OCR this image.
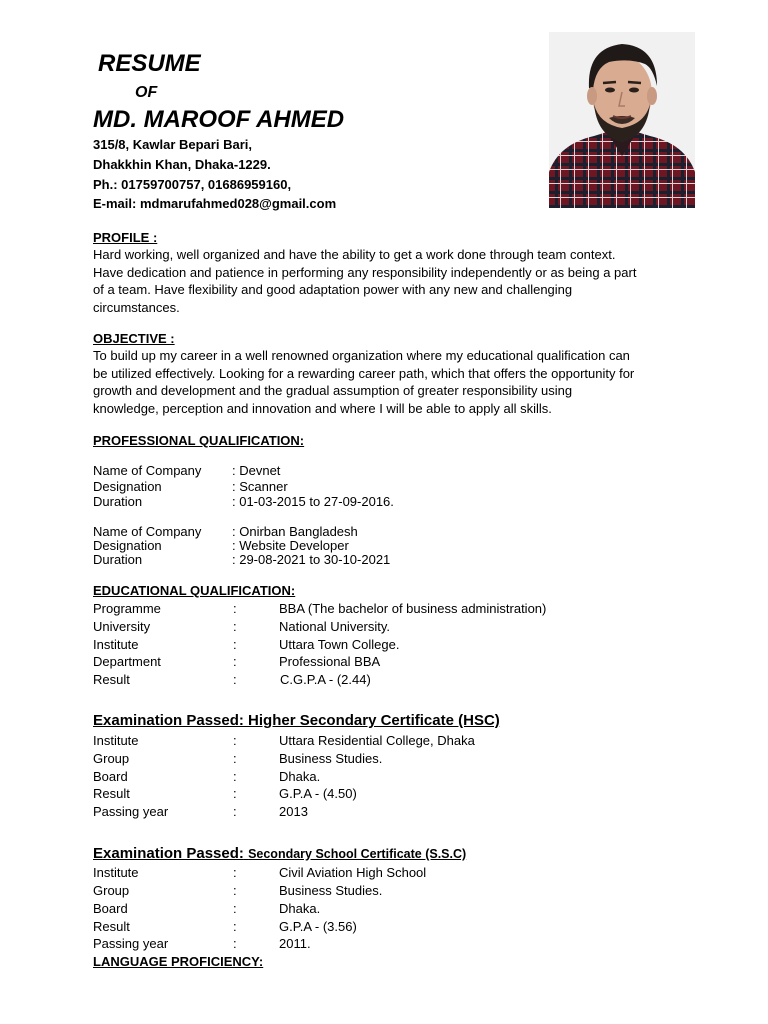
RESUME
OF
MD. MAROOF AHMED
315/8, Kawlar Bepari Bari,
Dhakkhin Khan, Dhaka-1229.
Ph.: 01759700757, 01686959160,
E-mail: mdmarufahmed028@gmail.com
PROFILE :
Hard working, well organized and have the ability to get a work done through team context.
Have dedication and patience in performing any responsibility independently or as being a part
of a team. Have flexibility and good adaptation power with any new and challenging
circumstances.
OBJECTIVE :
To build up my career in a well renowned organization where my educational qualification can
be utilized effectively. Looking for a rewarding career path, which that offers the opportunity for
growth and development and the gradual assumption of greater responsibility using
knowledge, perception and innovation and where I will be able to apply all skills.
PROFESSIONAL QUALIFICATION:
Name of Company : Devnet
Designation	: Scanner
Duration	: 01-03-2015 to 27-09-2016.
Name of Company : Onirban Bangladesh
Designation	: Website Developer
Duration	: 29-08-2021 to 30-10-2021
EDUCATIONAL QUALIFICATION:
Programme	:	BBA (The bachelor of business administration)
University	:	National University.
Institute	:	Uttara Town College.
Department	:	Professional BBA
Result	:	C.G.P.A - (2.44)
Examination Passed: Higher Secondary Certificate (HSC)
Institute	:	Uttara Residential College, Dhaka
Group	:	Business Studies.
Board	:	Dhaka.
Result	:	G.P.A - (4.50)
Passing year	:	2013
Examination Passed: Secondary School Certificate (S.S.C)
Institute	:	Civil Aviation High School
Group	:	Business Studies.
Board	:	Dhaka.
Result	:	G.P.A - (3.56)
Passing year	:	2011.
LANGUAGE PROFICIENCY:
